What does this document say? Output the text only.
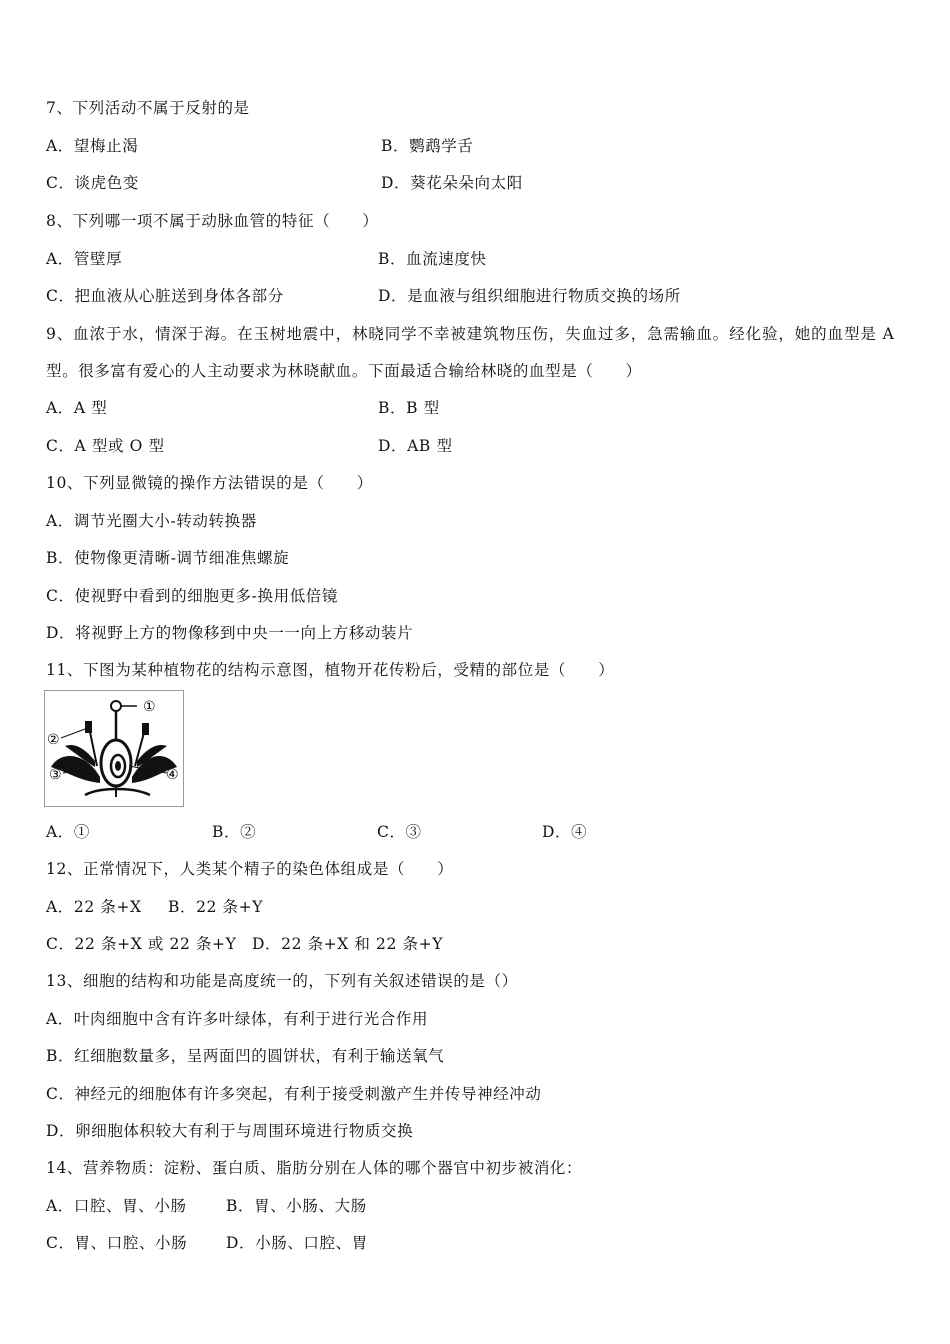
7、下列活动不属于反射的是
A．望梅止渴	B．鹦鹉学舌
C．谈虎色变	D．葵花朵朵向太阳
8、下列哪一项不属于动脉血管的特征（　　）
A．管壁厚	B．血流速度快
C．把血液从心脏送到身体各部分	D．是血液与组织细胞进行物质交换的场所
9、血浓于水，情深于海。在玉树地震中，林晓同学不幸被建筑物压伤，失血过多，急需输血。经化验，她的血型是 A
型。很多富有爱心的人主动要求为林晓献血。下面最适合输给林晓的血型是（　　）
A．A 型	B．B 型
C．A 型或 O 型	D．AB 型
10、下列显微镜的操作方法错误的是（　　）
A．调节光圈大小-转动转换器
B．使物像更清晰-调节细准焦螺旋
C．使视野中看到的细胞更多-换用低倍镜
D．将视野上方的物像移到中央一一向上方移动装片
11、下图为某种植物花的结构示意图，植物开花传粉后，受精的部位是（　　）
①
②
③	④
A．①	B．②	C．③	D．④
12、正常情况下，人类某个精子的染色体组成是（　　）
A．22 条+X B．22 条+Y
C．22 条+X 或 22 条+Y D．22 条+X 和 22 条+Y
13、细胞的结构和功能是高度统一的，下列有关叙述错误的是（）
A．叶肉细胞中含有许多叶绿体，有利于进行光合作用
B．红细胞数量多，呈两面凹的圆饼状，有利于输送氧气
C．神经元的细胞体有许多突起，有利于接受刺激产生并传导神经冲动
D．卵细胞体积较大有利于与周围环境进行物质交换
14、营养物质：淀粉、蛋白质、脂肪分别在人体的哪个器官中初步被消化：
A．口腔、胃、小肠	B．胃、小肠、大肠
C．胃、口腔、小肠 D．小肠、口腔、胃
